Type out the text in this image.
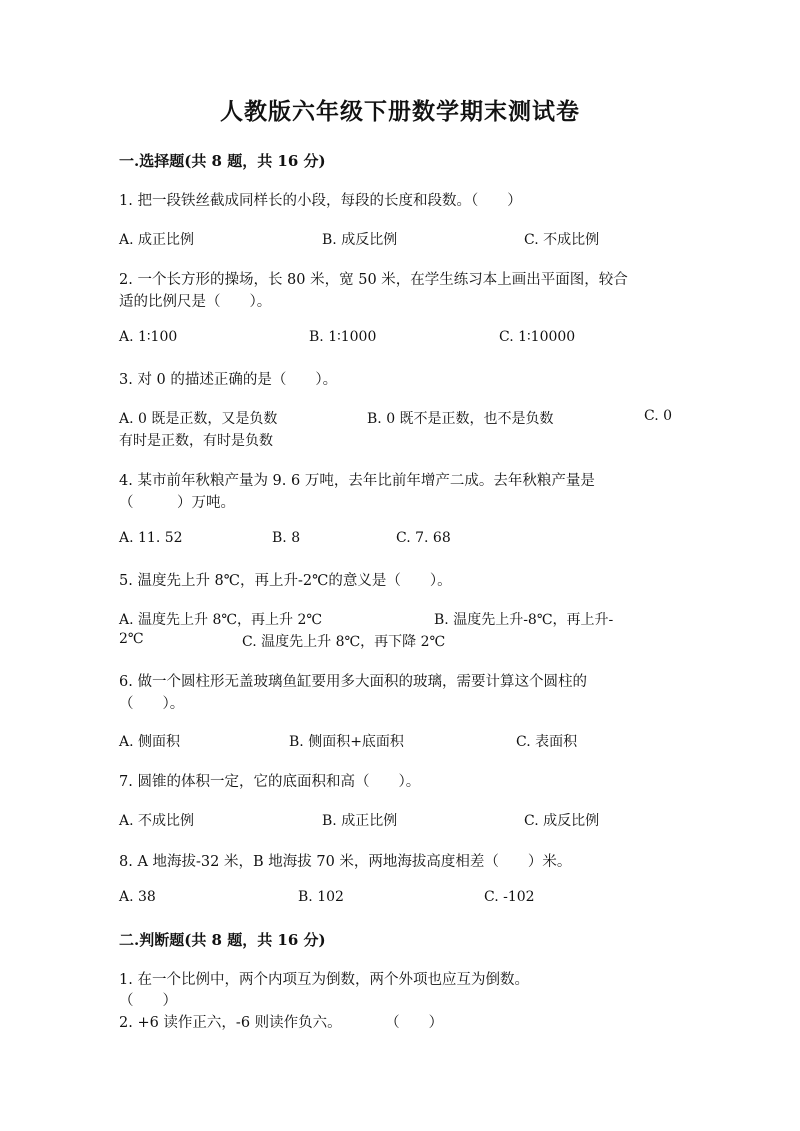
人教版六年级下册数学期末测试卷
一.选择题(共 8 题，共 16 分)
1. 把一段铁丝截成同样长的小段，每段的长度和段数。（　　）
A. 成正比例	B. 成反比例	C. 不成比例
2. 一个长方形的操场，长 80 米，宽 50 米，在学生练习本上画出平面图，较合
适的比例尺是（　　）。
A. 1∶100	B. 1∶1000	C. 1∶10000
3. 对 0 的描述正确的是（　　）。
A. 0 既是正数，又是负数	B. 0 既不是正数，也不是负数	C. 0
有时是正数，有时是负数
4. 某市前年秋粮产量为 9. 6 万吨，去年比前年增产二成。去年秋粮产量是
（　　　）万吨。
A. 11. 52	B. 8	C. 7. 68
5. 温度先上升 8℃，再上升-2℃的意义是（　　）。
A. 温度先上升 8℃，再上升 2℃	B. 温度先上升-8℃，再上升-
2℃	C. 温度先上升 8℃，再下降 2℃
6. 做一个圆柱形无盖玻璃鱼缸要用多大面积的玻璃，需要计算这个圆柱的
（　　）。
A. 侧面积	B. 侧面积+底面积	C. 表面积
7. 圆锥的体积一定，它的底面积和高（　　）。
A. 不成比例	B. 成正比例	C. 成反比例
8. A 地海拔-32 米，B 地海拔 70 米，两地海拔高度相差（　　）米。
A. 38	B. 102	C. -102
二.判断题(共 8 题，共 16 分)
1. 在一个比例中，两个内项互为倒数，两个外项也应互为倒数。
（　　）
2. +6 读作正六，-6 则读作负六。　　　　（　　）
